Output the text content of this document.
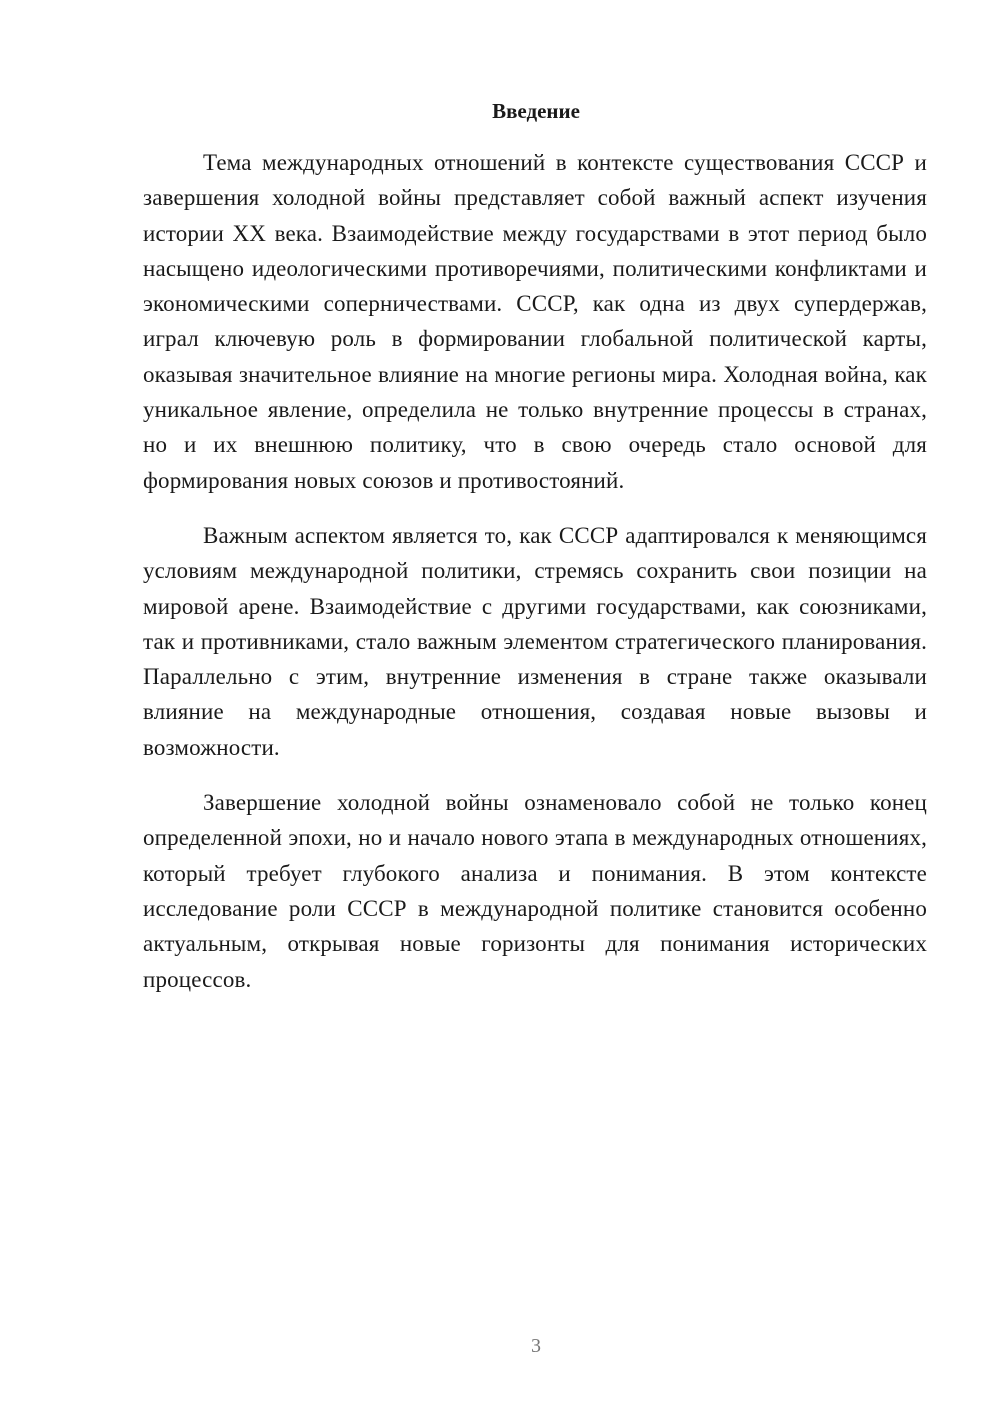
Введение

Тема международных отношений в контексте существования СССР и завершения холодной войны представляет собой важный аспект изучения истории XX века. Взаимодействие между государствами в этот период было насыщено идеологическими противоречиями, политическими конфликтами и экономическими соперничествами. СССР, как одна из двух супердержав, играл ключевую роль в формировании глобальной политической карты, оказывая значительное влияние на многие регионы мира. Холодная война, как уникальное явление, определила не только внутренние процессы в странах, но и их внешнюю политику, что в свою очередь стало основой для формирования новых союзов и противостояний.

Важным аспектом является то, как СССР адаптировался к меняющимся условиям международной политики, стремясь сохранить свои позиции на мировой арене. Взаимодействие с другими государствами, как союзниками, так и противниками, стало важным элементом стратегического планирования. Параллельно с этим, внутренние изменения в стране также оказывали влияние на международные отношения, создавая новые вызовы и возможности.

Завершение холодной войны ознаменовало собой не только конец определенной эпохи, но и начало нового этапа в международных отношениях, который требует глубокого анализа и понимания. В этом контексте исследование роли СССР в международной политике становится особенно актуальным, открывая новые горизонты для понимания исторических процессов.

3
